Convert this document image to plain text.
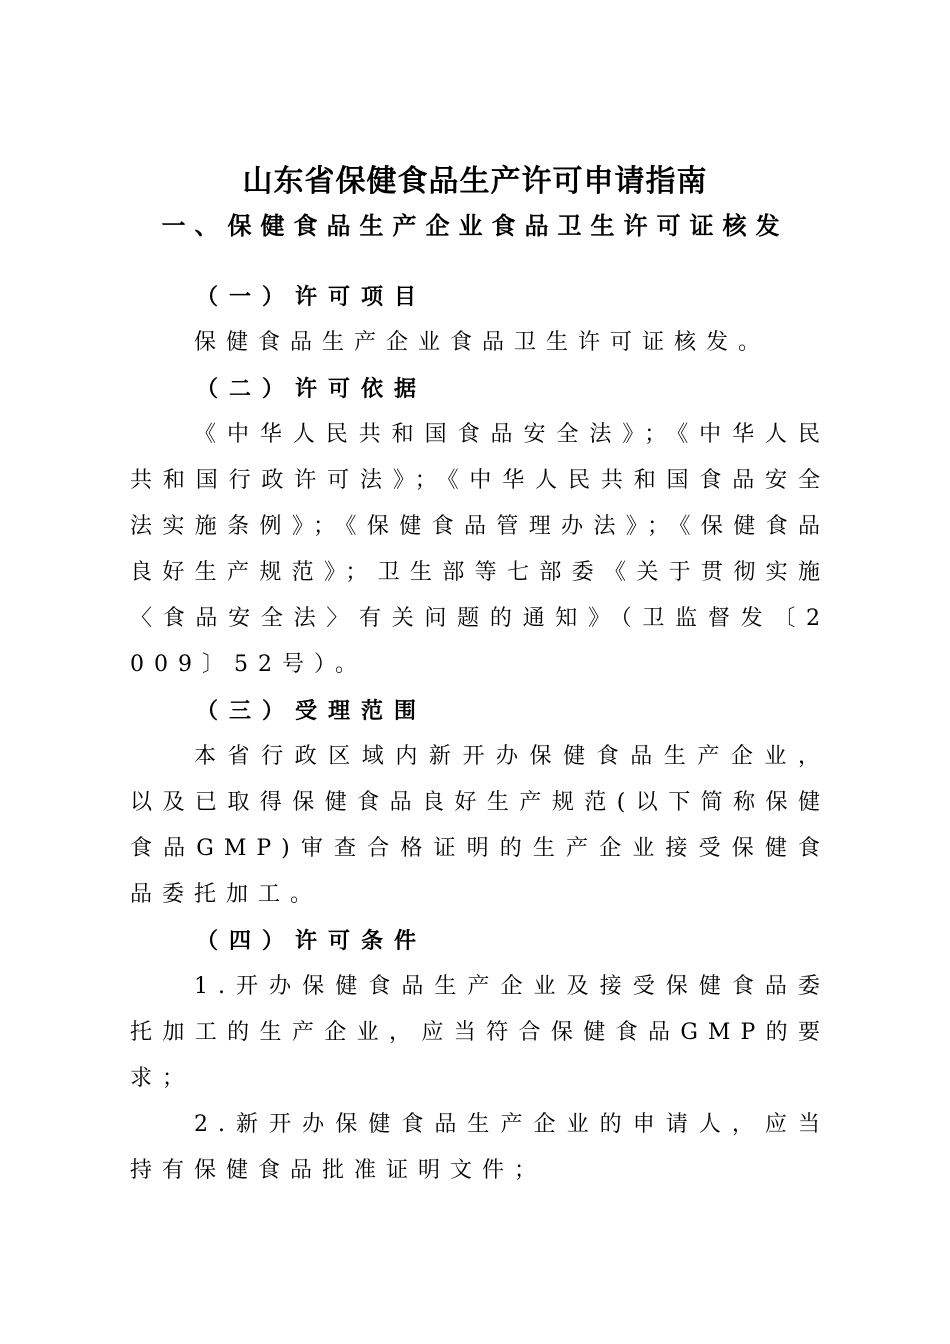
山东省保健食品生产许可申请指南
一、保健食品生产企业食品卫生许可证核发

（一）许可项目

保健食品生产企业食品卫生许可证核发。

（二）许可依据

《中华人民共和国食品安全法》；《中华人民共和国行政许可法》；《中华人民共和国食品安全法实施条例》；《保健食品管理办法》；《保健食品良好生产规范》；卫生部等七部委《关于贯彻实施〈食品安全法〉有关问题的通知》（卫监督发〔2009〕52号）。

（三）受理范围

本省行政区域内新开办保健食品生产企业，以及已取得保健食品良好生产规范(以下简称保健食品GMP)审查合格证明的生产企业接受保健食品委托加工。

（四）许可条件

1.开办保健食品生产企业及接受保健食品委托加工的生产企业，应当符合保健食品GMP的要求；

2.新开办保健食品生产企业的申请人，应当持有保健食品批准证明文件；
